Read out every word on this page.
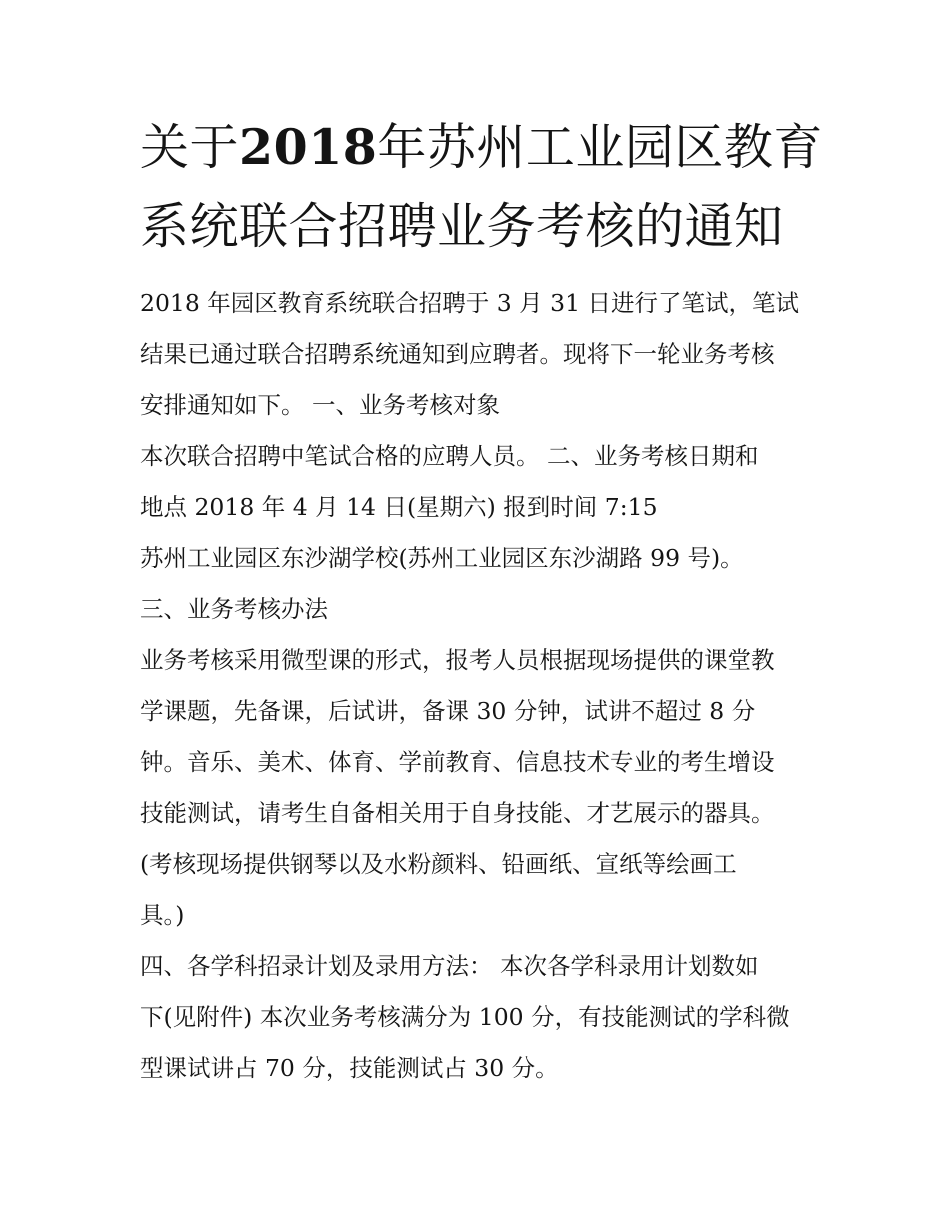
关于2018年苏州工业园区教育
系统联合招聘业务考核的通知
2018 年园区教育系统联合招聘于 3 月 31 日进行了笔试，笔试
结果已通过联合招聘系统通知到应聘者。现将下一轮业务考核
安排通知如下。 一、业务考核对象
本次联合招聘中笔试合格的应聘人员。 二、业务考核日期和
地点 2018 年 4 月 14 日(星期六) 报到时间 7:15
苏州工业园区东沙湖学校(苏州工业园区东沙湖路 99 号)。
三、业务考核办法
业务考核采用微型课的形式，报考人员根据现场提供的课堂教
学课题，先备课，后试讲，备课 30 分钟，试讲不超过 8 分
钟。音乐、美术、体育、学前教育、信息技术专业的考生增设
技能测试，请考生自备相关用于自身技能、才艺展示的器具。
(考核现场提供钢琴以及水粉颜料、铅画纸、宣纸等绘画工
具。)
四、各学科招录计划及录用方法： 本次各学科录用计划数如
下(见附件) 本次业务考核满分为 100 分，有技能测试的学科微
型课试讲占 70 分，技能测试占 30 分。
